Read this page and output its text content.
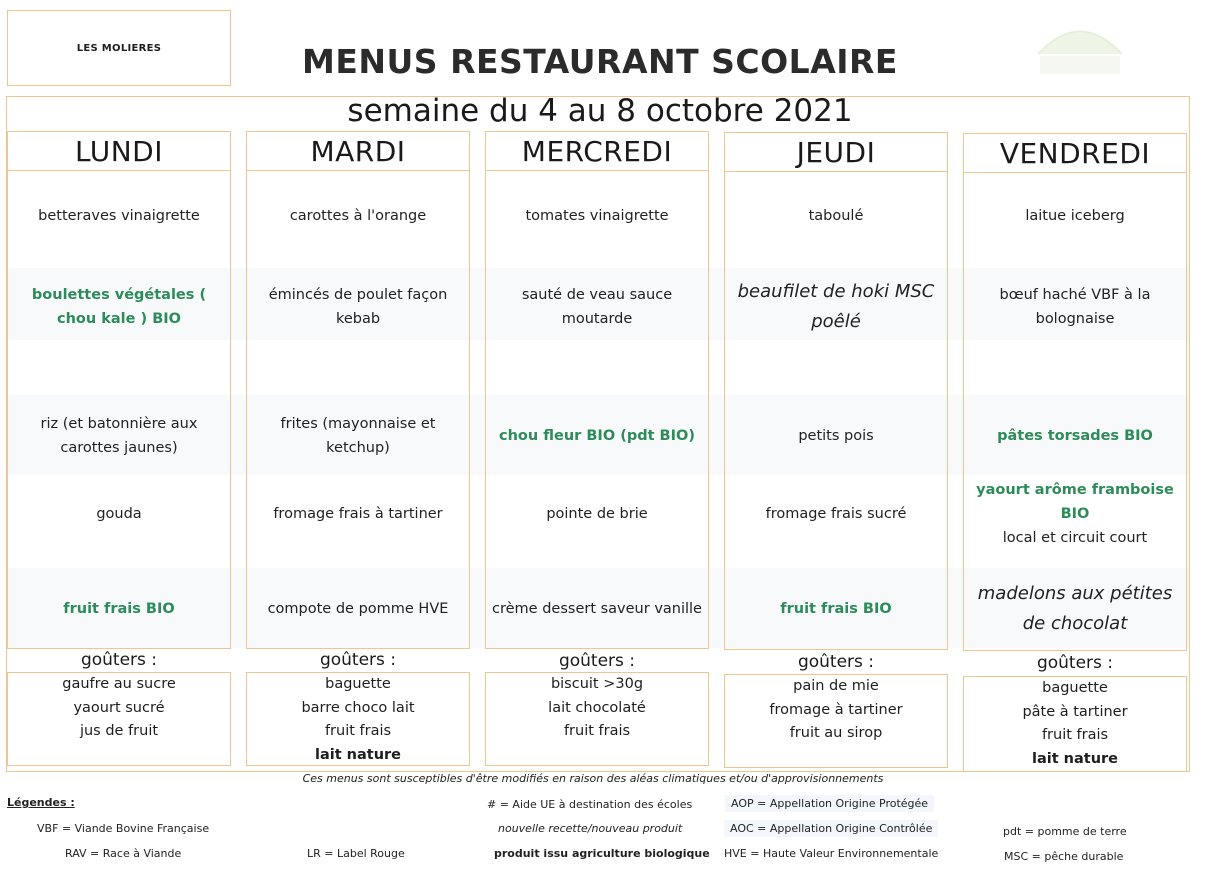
LES MOLIERES	MENUS RESTAURANT SCOLAIRE
semaine du 4 au 8 octobre 2021
LUNDI
betteraves vinaigrette
boulettes végétales ( chou kale ) BIO
riz (et batonnière aux carottes jaunes)
gouda
fruit frais BIO
goûters :
gaufre au sucre
yaourt sucré
jus de fruit
MARDI
carottes à l'orange
émincés de poulet façon kebab
frites (mayonnaise et ketchup)
fromage frais à tartiner
compote de pomme HVE
goûters :
baguette
barre choco lait
fruit frais
lait nature
MERCREDI
tomates vinaigrette
sauté de veau sauce moutarde
chou fleur BIO (pdt BIO)
pointe de brie
crème dessert saveur vanille
goûters :
biscuit >30g
lait chocolaté
fruit frais
JEUDI
taboulé
beaufilet de hoki MSC poêlé
petits pois
fromage frais sucré
fruit frais BIO
goûters :
pain de mie
fromage à tartiner
fruit au sirop
VENDREDI
laitue iceberg
bœuf haché VBF à la bolognaise
pâtes torsades BIO
yaourt arôme framboise BIO
local et circuit court
madelons aux pétites de chocolat
goûters :
baguette
pâte à tartiner
fruit frais
lait nature
Ces menus sont susceptibles d'être modifiés en raison des aléas climatiques et/ou d'approvisionnements
Légendes :
VBF = Viande Bovine Française
RAV = Race à Viande	LR = Label Rouge
# = Aide UE à destination des écoles
nouvelle recette/nouveau produit
produit issu agriculture biologique
AOP = Appellation Origine Protégée
AOC = Appellation Origine Contrôlée
HVE = Haute Valeur Environnementale
pdt = pomme de terre
MSC = pêche durable
